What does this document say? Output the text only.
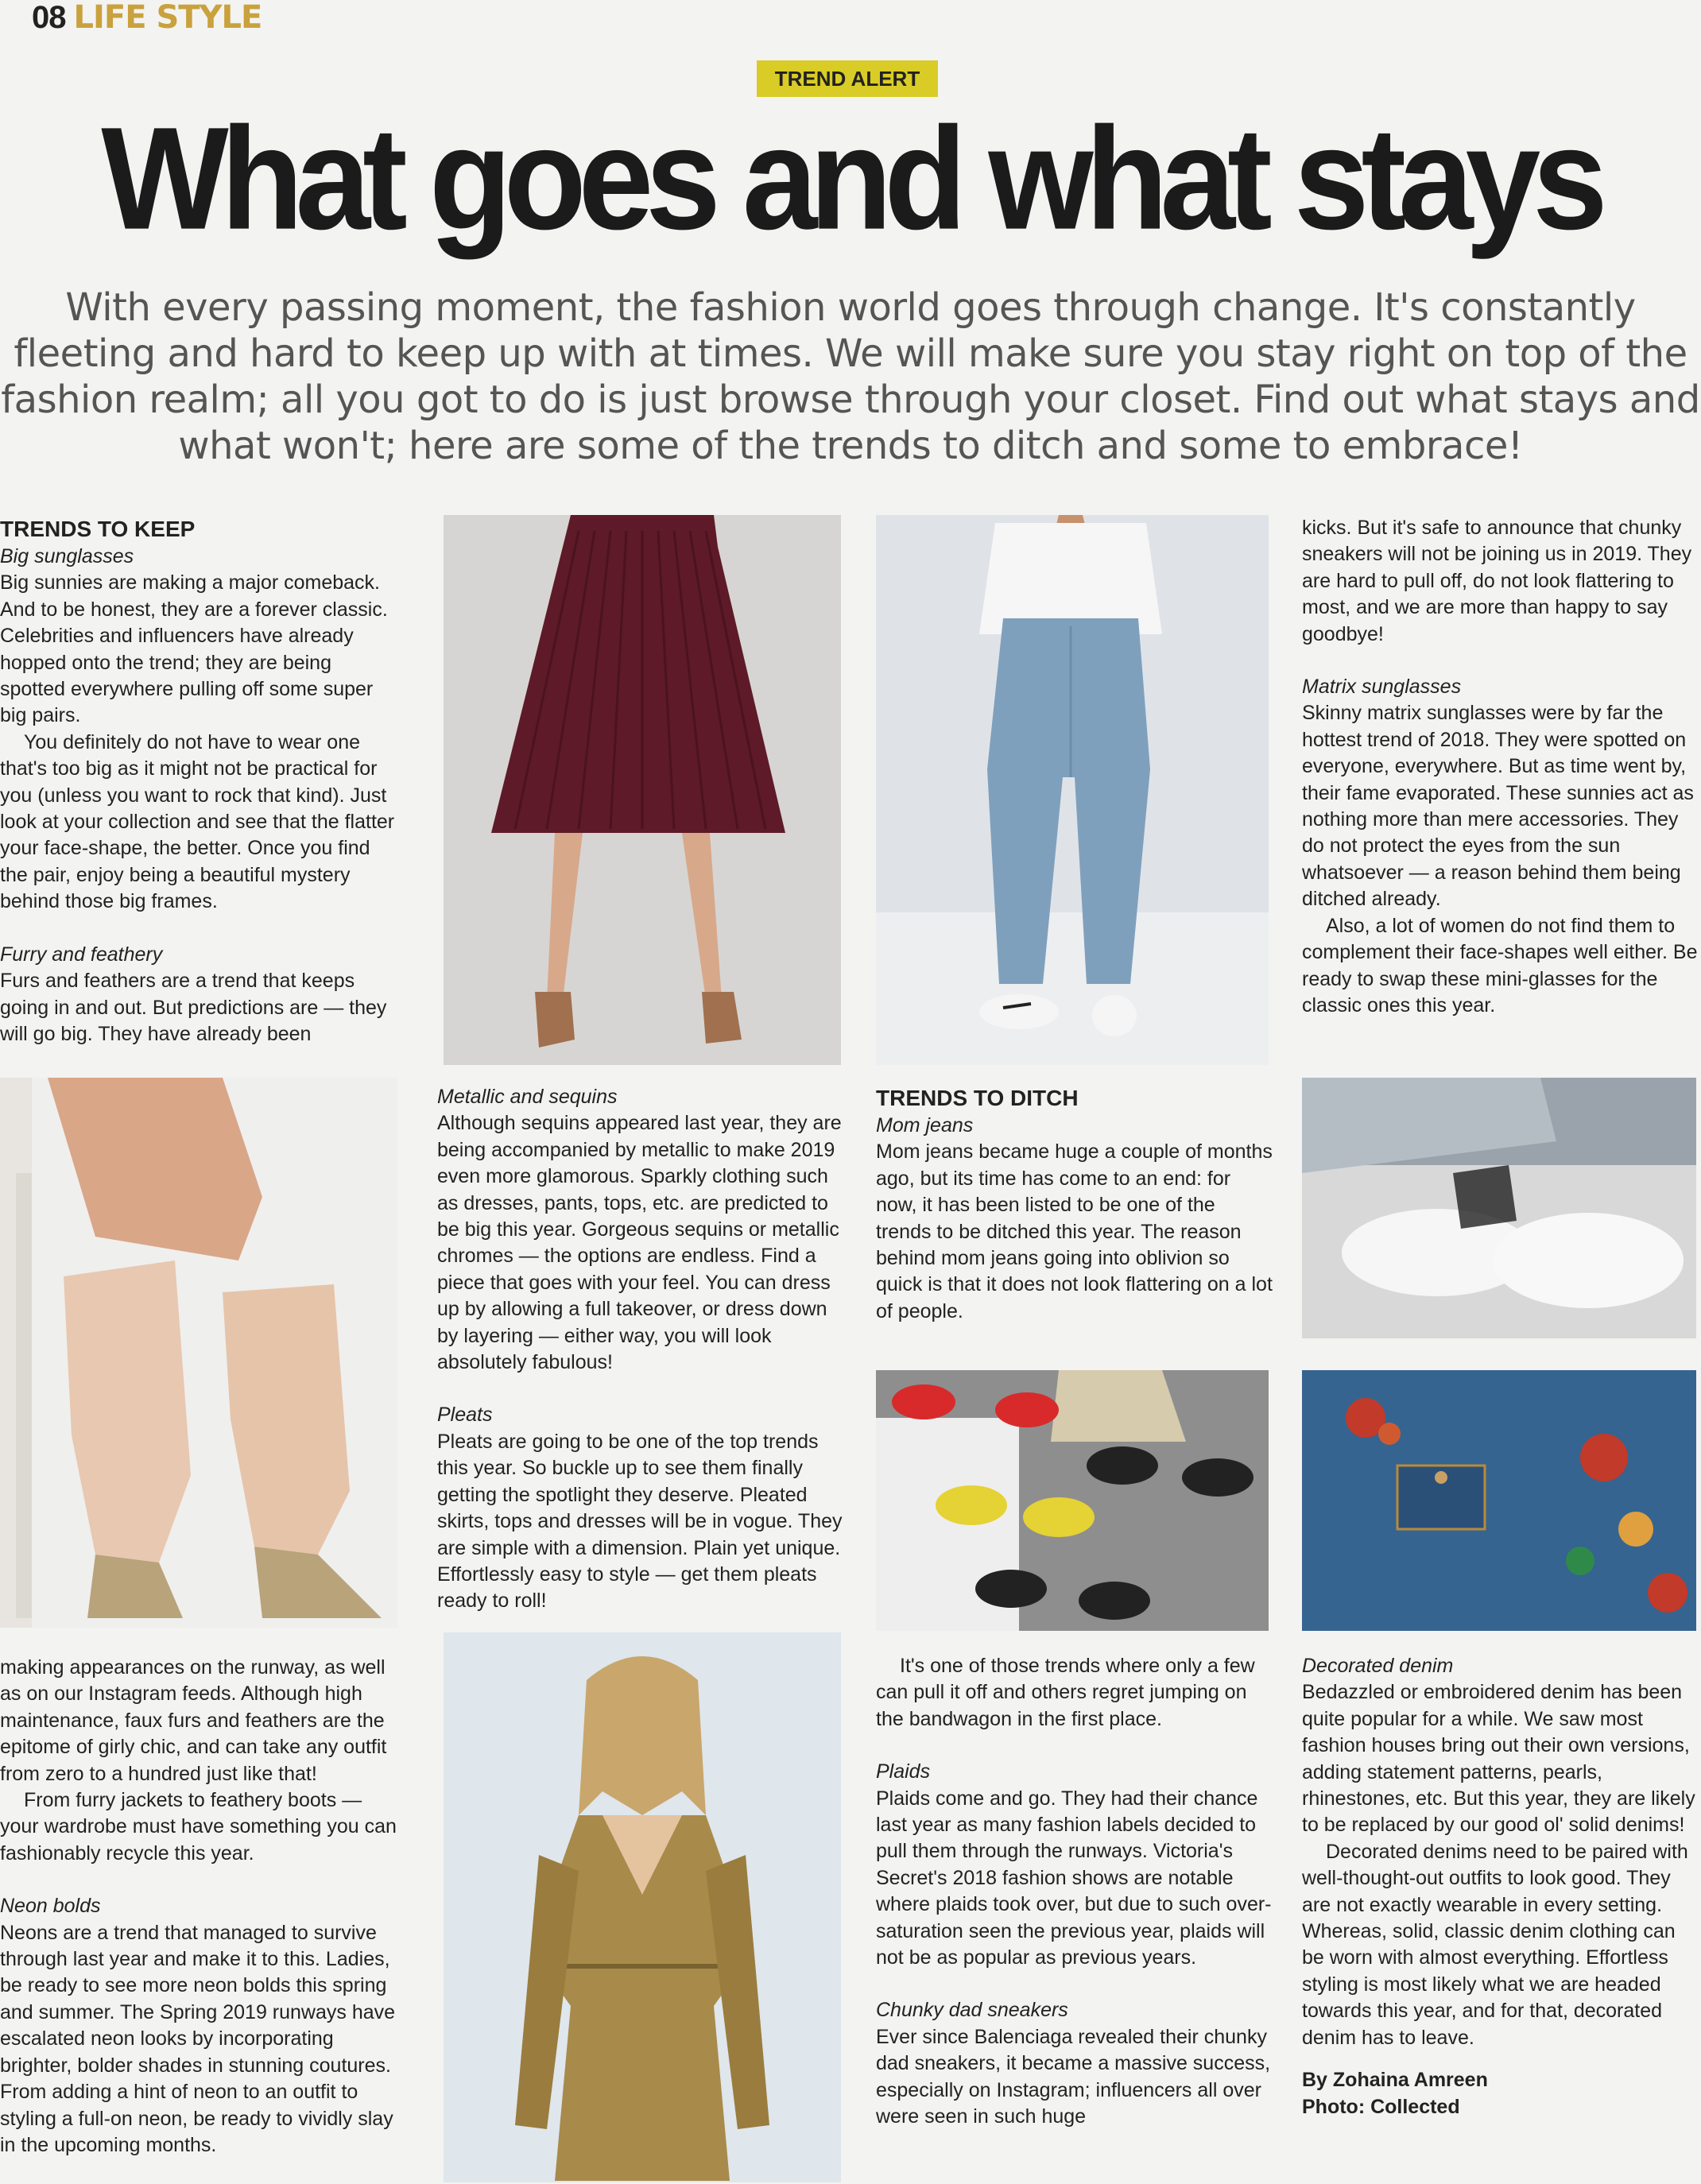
08 LIFE STYLE
TREND ALERT
What goes and what stays
With every passing moment, the fashion world goes through change. It's constantly fleeting and hard to keep up with at times. We will make sure you stay right on top of the fashion realm; all you got to do is just browse through your closet. Find out what stays and what won't; here are some of the trends to ditch and some to embrace!

TRENDS TO KEEP

Big sunglasses

Big sunnies are making a major comeback. And to be honest, they are a forever classic. Celebrities and influencers have already hopped onto the trend; they are being spotted everywhere pulling off some super big pairs.

You definitely do not have to wear one that's too big as it might not be practical for you (unless you want to rock that kind). Just look at your collection and see that the flatter your face-shape, the better. Once you find the pair, enjoy being a beautiful mystery behind those big frames.

Furry and feathery

Furs and feathers are a trend that keeps going in and out. But predictions are — they will go big. They have already been

kicks. But it's safe to announce that chunky sneakers will not be joining us in 2019. They are hard to pull off, do not look flattering to most, and we are more than happy to say goodbye!

Matrix sunglasses

Skinny matrix sunglasses were by far the hottest trend of 2018. They were spotted on everyone, everywhere. But as time went by, their fame evaporated. These sunnies act as nothing more than mere accessories. They do not protect the eyes from the sun whatsoever — a reason behind them being ditched already.

Also, a lot of women do not find them to complement their face-shapes well either. Be ready to swap these mini-glasses for the classic ones this year.

Metallic and sequins

Although sequins appeared last year, they are being accompanied by metallic to make 2019 even more glamorous. Sparkly clothing such as dresses, pants, tops, etc. are predicted to be big this year. Gorgeous sequins or metallic chromes — the options are endless. Find a piece that goes with your feel. You can dress up by allowing a full takeover, or dress down by layering — either way, you will look absolutely fabulous!

Pleats

Pleats are going to be one of the top trends this year. So buckle up to see them finally getting the spotlight they deserve. Pleated skirts, tops and dresses will be in vogue. They are simple with a dimension. Plain yet unique. Effortlessly easy to style — get them pleats ready to roll!

TRENDS TO DITCH

Mom jeans

Mom jeans became huge a couple of months ago, but its time has come to an end: for now, it has been listed to be one of the trends to be ditched this year. The reason behind mom jeans going into oblivion so quick is that it does not look flattering on a lot of people.

making appearances on the runway, as well as on our Instagram feeds. Although high maintenance, faux furs and feathers are the epitome of girly chic, and can take any outfit from zero to a hundred just like that!

From furry jackets to feathery boots — your wardrobe must have something you can fashionably recycle this year.

Neon bolds

Neons are a trend that managed to survive through last year and make it to this. Ladies, be ready to see more neon bolds this spring and summer. The Spring 2019 runways have escalated neon looks by incorporating brighter, bolder shades in stunning coutures. From adding a hint of neon to an outfit to styling a full-on neon, be ready to vividly slay in the upcoming months.

It's one of those trends where only a few can pull it off and others regret jumping on the bandwagon in the first place.

Plaids

Plaids come and go. They had their chance last year as many fashion labels decided to pull them through the runways. Victoria's Secret's 2018 fashion shows are notable where plaids took over, but due to such over-saturation seen the previous year, plaids will not be as popular as previous years.

Chunky dad sneakers

Ever since Balenciaga revealed their chunky dad sneakers, it became a massive success, especially on Instagram; influencers all over were seen in such huge

Decorated denim

Bedazzled or embroidered denim has been quite popular for a while. We saw most fashion houses bring out their own versions, adding statement patterns, pearls, rhinestones, etc. But this year, they are likely to be replaced by our good ol' solid denims!

Decorated denims need to be paired with well-thought-out outfits to look good. They are not exactly wearable in every setting. Whereas, solid, classic denim clothing can be worn with almost everything. Effortless styling is most likely what we are headed towards this year, and for that, decorated denim has to leave.

By Zohaina Amreen

Photo: Collected
